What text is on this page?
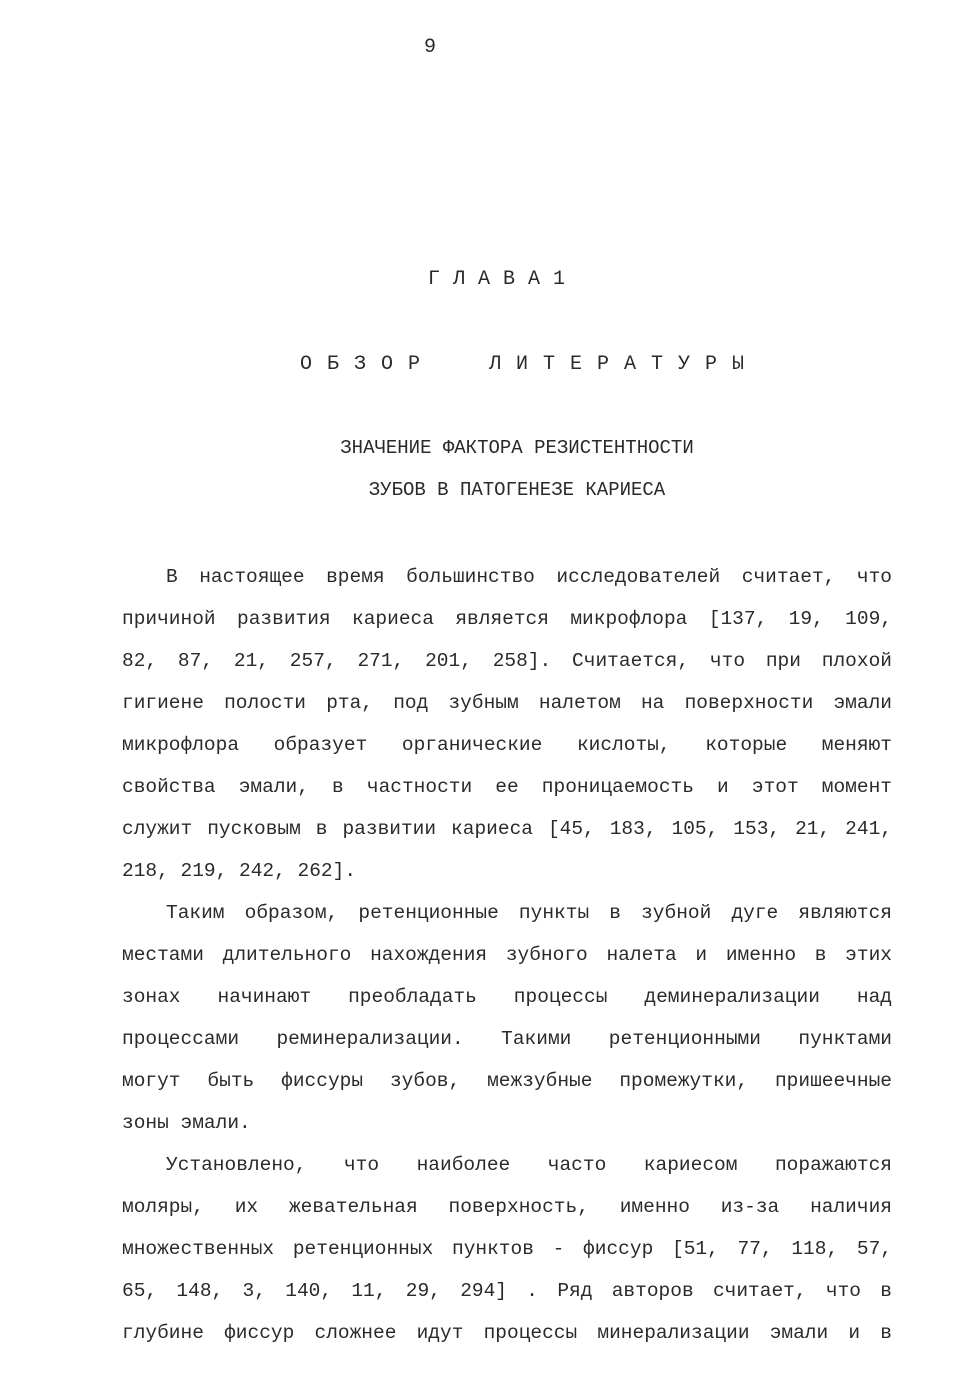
9
ГЛАВА1
ОБЗОР  ЛИТЕРАТУРЫ
ЗНАЧЕНИЕ ФАКТОРА РЕЗИСТЕНТНОСТИ
ЗУБОВ В ПАТОГЕНЕЗЕ КАРИЕСА
В настоящее время большинство исследователей считает, что
причиной развития кариеса является микрофлора [137, 19, 109,
82, 87, 21, 257, 271, 201, 258]. Считается, что при плохой
гигиене полости рта, под зубным налетом на поверхности эмали
микрофлора образует органические кислоты, которые меняют
свойства эмали, в частности ее проницаемость и этот момент
служит пусковым в развитии кариеса [45, 183, 105, 153, 21, 241,
218, 219, 242, 262].
Таким образом, ретенционные пункты в зубной дуге являются
местами длительного нахождения зубного налета и именно в этих
зонах начинают преобладать процессы деминерализации над
процессами реминерализации. Такими ретенционными пунктами
могут быть фиссуры зубов, межзубные промежутки, пришеечные
зоны эмали.
Установлено, что наиболее часто кариесом поражаются
моляры, их жевательная поверхность, именно из-за наличия
множественных ретенционных пунктов - фиссур [51, 77, 118, 57,
65, 148, 3, 140, 11, 29, 294] . Ряд авторов считает, что в
глубине фиссур сложнее идут процессы минерализации эмали и в
